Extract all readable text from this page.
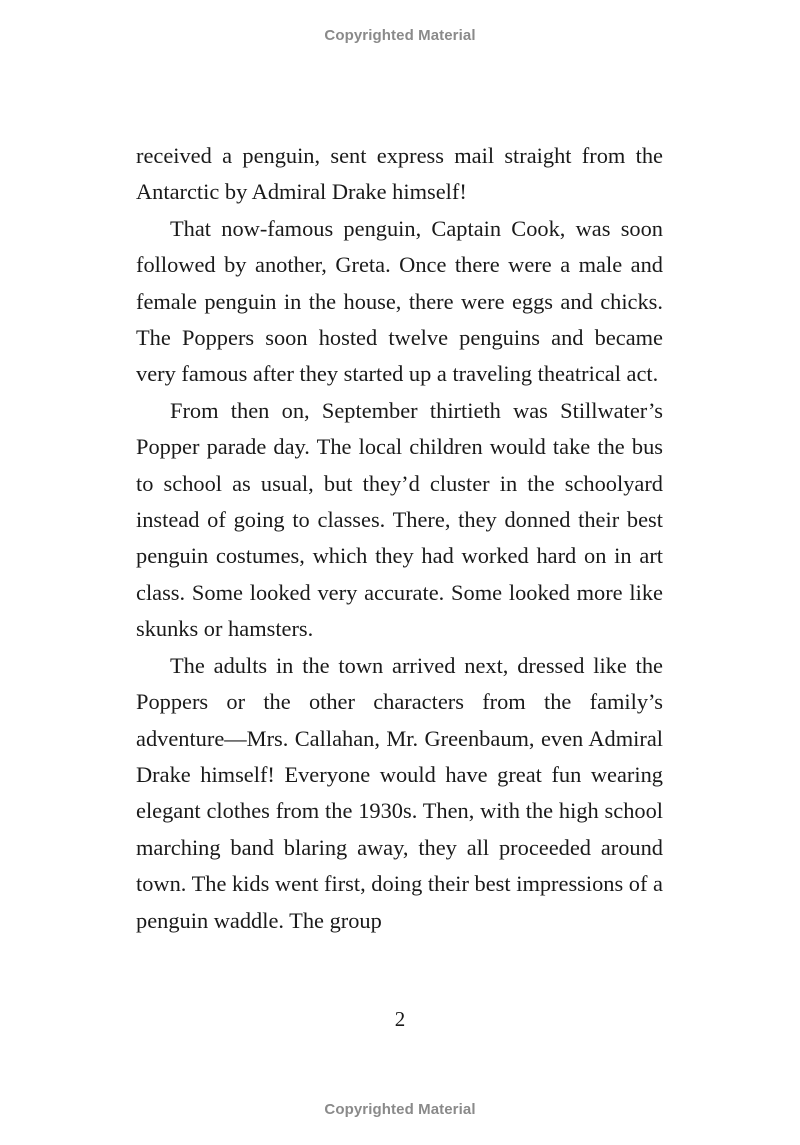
Copyrighted Material

received a penguin, sent express mail straight from the Antarctic by Admiral Drake himself!

That now-famous penguin, Captain Cook, was soon followed by another, Greta. Once there were a male and female penguin in the house, there were eggs and chicks. The Poppers soon hosted twelve penguins and became very famous after they started up a traveling theatrical act.

From then on, September thirtieth was Stillwater’s Popper parade day. The local children would take the bus to school as usual, but they’d cluster in the schoolyard instead of going to classes. There, they donned their best penguin costumes, which they had worked hard on in art class. Some looked very accurate. Some looked more like skunks or hamsters.

The adults in the town arrived next, dressed like the Poppers or the other characters from the family’s adventure—Mrs. Callahan, Mr. Greenbaum, even Admiral Drake himself! Everyone would have great fun wearing elegant clothes from the 1930s. Then, with the high school marching band blaring away, they all proceeded around town. The kids went first, doing their best impressions of a penguin waddle. The group

2
Copyrighted Material
